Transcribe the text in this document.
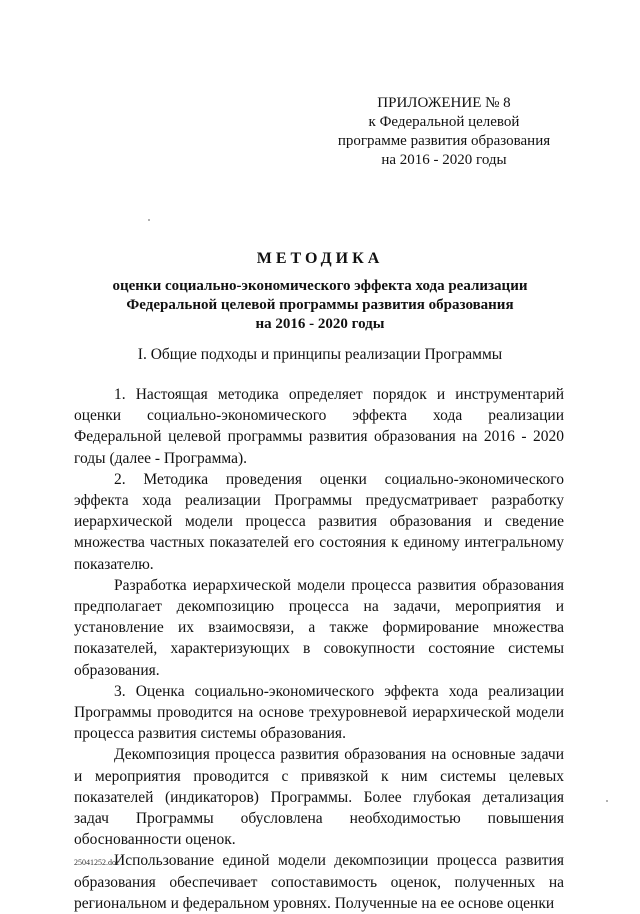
ПРИЛОЖЕНИЕ № 8
к Федеральной целевой
программе развития образования
на 2016 - 2020 годы
МЕТОДИКА
оценки социально-экономического эффекта хода реализации
Федеральной целевой программы развития образования
на 2016 - 2020 годы
I. Общие подходы и принципы реализации Программы

1. Настоящая методика определяет порядок и инструментарий оценки социально-экономического эффекта хода реализации Федеральной целевой программы развития образования на 2016 - 2020 годы (далее - Программа).

2. Методика проведения оценки социально-экономического эффекта хода реализации Программы предусматривает разработку иерархической модели процесса развития образования и сведение множества частных показателей его состояния к единому интегральному показателю.

Разработка иерархической модели процесса развития образования предполагает декомпозицию процесса на задачи, мероприятия и установление их взаимосвязи, а также формирование множества показателей, характеризующих в совокупности состояние системы образования.

3. Оценка социально-экономического эффекта хода реализации Программы проводится на основе трехуровневой иерархической модели процесса развития системы образования.

Декомпозиция процесса развития образования на основные задачи и мероприятия проводится с привязкой к ним системы целевых показателей (индикаторов) Программы. Более глубокая детализация задач Программы обусловлена необходимостью повышения обоснованности оценок.

Использование единой модели декомпозиции процесса развития образования обеспечивает сопоставимость оценок, полученных на региональном и федеральном уровнях. Полученные на ее основе оценки

25041252.doc
